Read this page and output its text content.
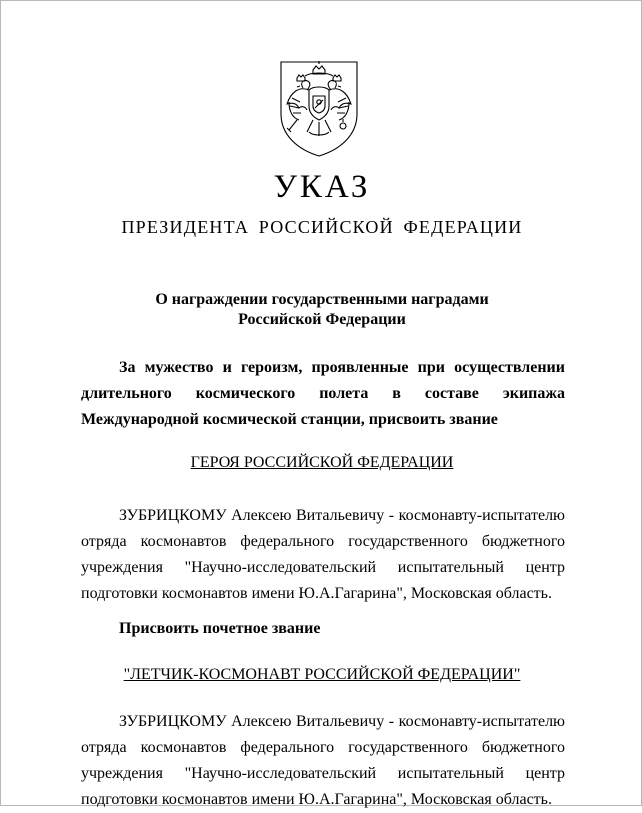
УКАЗ
ПРЕЗИДЕНТА РОССИЙСКОЙ ФЕДЕРАЦИИ
О награждении государственными наградами
Российской Федерации
За мужество и героизм, проявленные при осуществлении
длительного космического полета в составе экипажа
Международной космической станции, присвоить звание
ГЕРОЯ РОССИЙСКОЙ ФЕДЕРАЦИИ
ЗУБРИЦКОМУ Алексею Витальевичу - космонавту-испытателю
отряда космонавтов федерального государственного бюджетного
учреждения "Научно-исследовательский испытательный центр
подготовки космонавтов имени Ю.А.Гагарина", Московская область.
Присвоить почетное звание
"ЛЕТЧИК-КОСМОНАВТ РОССИЙСКОЙ ФЕДЕРАЦИИ"
ЗУБРИЦКОМУ Алексею Витальевичу - космонавту-испытателю
отряда космонавтов федерального государственного бюджетного
учреждения "Научно-исследовательский испытательный центр
подготовки космонавтов имени Ю.А.Гагарина", Московская область.
